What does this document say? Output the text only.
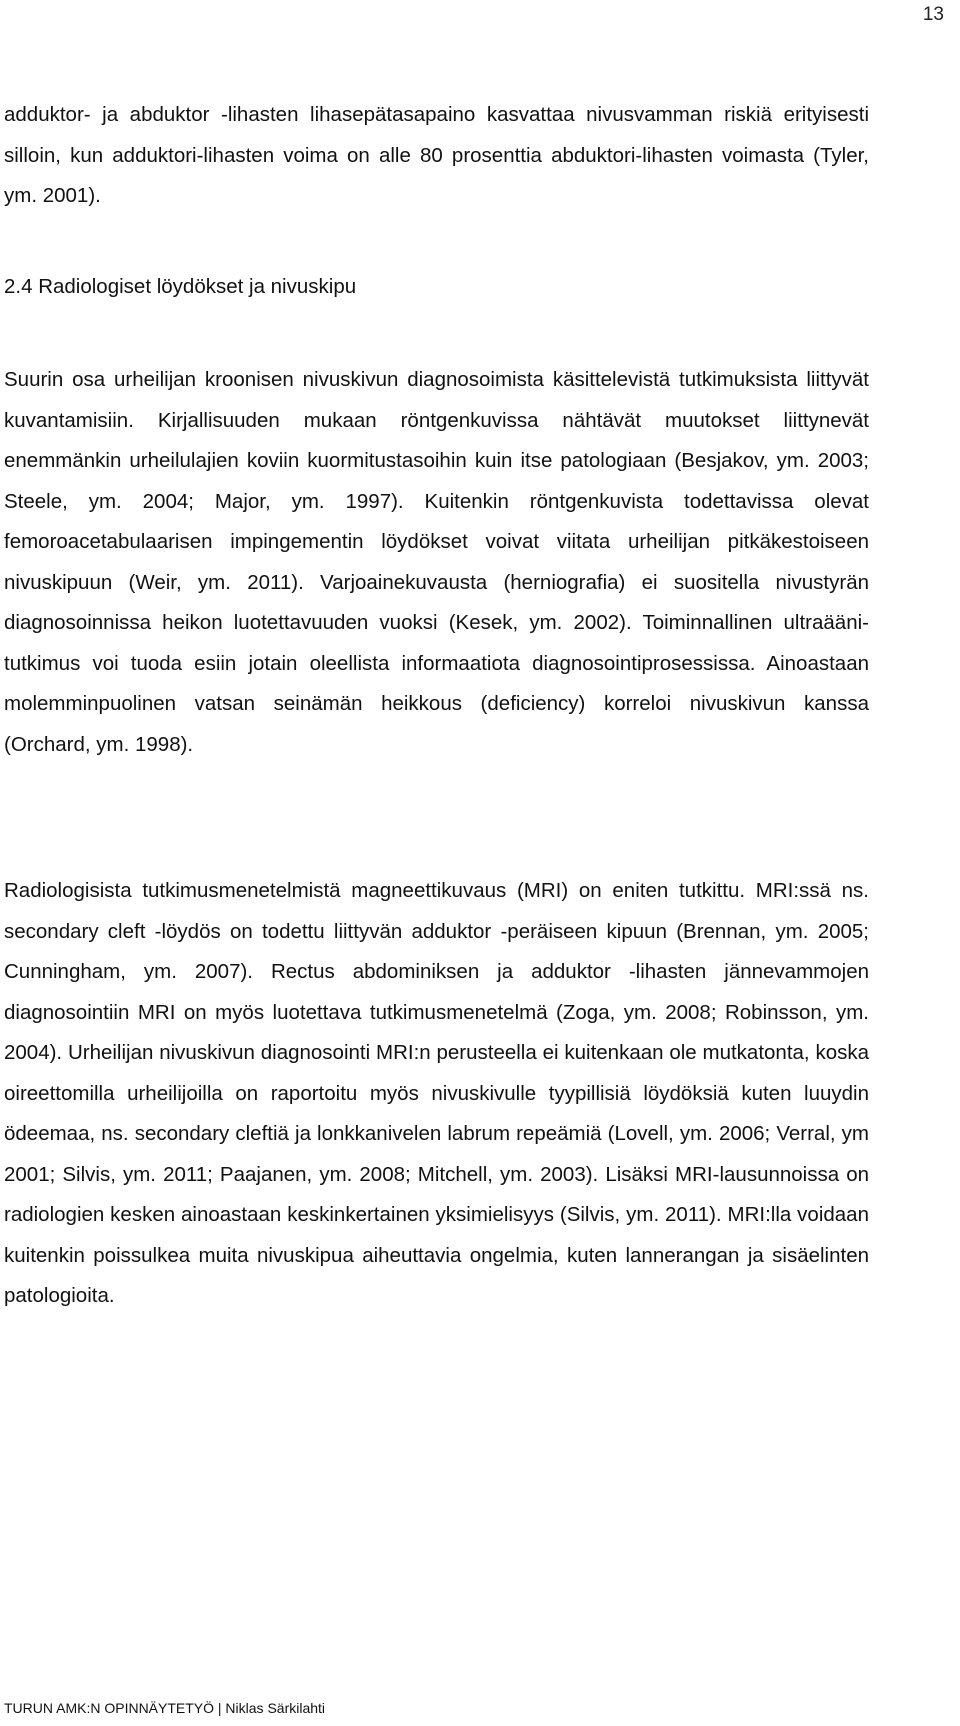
13

adduktor- ja abduktor -lihasten lihasepätasapaino kasvattaa nivusvamman riskiä erityisesti silloin, kun adduktori-lihasten voima on alle 80 prosenttia abduktori-lihasten voimasta (Tyler, ym. 2001).

2.4 Radiologiset löydökset ja nivuskipu

Suurin osa urheilijan kroonisen nivuskivun diagnosoimista käsittelevistä tutkimuksista liittyvät kuvantamisiin. Kirjallisuuden mukaan röntgenkuvissa nähtävät muutokset liittynevät enemmänkin urheilulajien koviin kuormitustasoihin kuin itse patologiaan (Besjakov, ym. 2003; Steele, ym. 2004; Major, ym. 1997). Kuitenkin röntgenkuvista todettavissa olevat femoroacetabulaarisen impingementin löydökset voivat viitata urheilijan pitkäkestoiseen nivuskipuun (Weir, ym. 2011). Varjoainekuvausta (herniografia) ei suositella nivustyrän diagnosoinnissa heikon luotettavuuden vuoksi (Kesek, ym. 2002). Toiminnallinen ultraääni-tutkimus voi tuoda esiin jotain oleellista informaatiota diagnosointiprosessissa. Ainoastaan molemminpuolinen vatsan seinämän heikkous (deficiency) korreloi nivuskivun kanssa (Orchard, ym. 1998).

Radiologisista tutkimusmenetelmistä magneettikuvaus (MRI) on eniten tutkittu. MRI:ssä ns. secondary cleft -löydös on todettu liittyvän adduktor -peräiseen kipuun (Brennan, ym. 2005; Cunningham, ym. 2007). Rectus abdominiksen ja adduktor -lihasten jännevammojen diagnosointiin MRI on myös luotettava tutkimusmenetelmä (Zoga, ym. 2008; Robinsson, ym. 2004). Urheilijan nivuskivun diagnosointi MRI:n perusteella ei kuitenkaan ole mutkatonta, koska oireettomilla urheilijoilla on raportoitu myös nivuskivulle tyypillisiä löydöksiä kuten luuydin ödeemaa, ns. secondary cleftiä ja lonkkanivelen labrum repeämiä (Lovell, ym. 2006; Verral, ym 2001; Silvis, ym. 2011; Paajanen, ym. 2008; Mitchell, ym. 2003). Lisäksi MRI-lausunnoissa on radiologien kesken ainoastaan keskinkertainen yksimielisyys (Silvis, ym. 2011). MRI:lla voidaan kuitenkin poissulkea muita nivuskipua aiheuttavia ongelmia, kuten lannerangan ja sisäelinten patologioita.

TURUN AMK:N OPINNÄYTETYÖ | Niklas Särkilahti
